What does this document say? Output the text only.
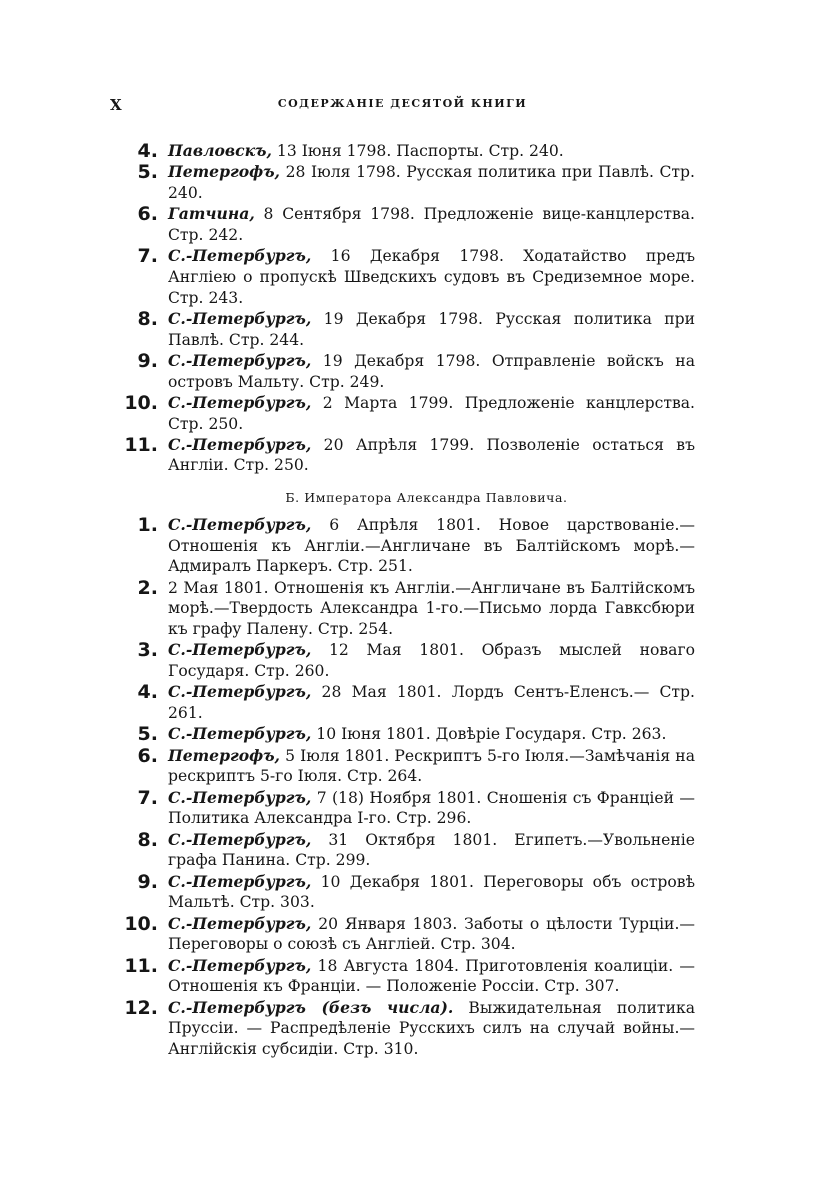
X	СОДЕРЖАНІЕ ДЕСЯТОЙ КНИГИ
4. Павловскъ, 13 Іюня 1798. Паспорты. Стр. 240.
5. Петергофъ, 28 Іюля 1798. Русская политика при Павлѣ. Стр. 240.
6. Гатчина, 8 Сентября 1798. Предложеніе вице-канцлерства. Стр. 242.
7. С.-Петербургъ, 16 Декабря 1798. Ходатайство предъ Англіею о пропускѣ Шведскихъ судовъ въ Средиземное море. Стр. 243.
8. С.-Петербургъ, 19 Декабря 1798. Русская политика при Павлѣ. Стр. 244.
9. С.-Петербургъ, 19 Декабря 1798. Отправленіе войскъ на островъ Мальту. Стр. 249.
10. С.-Петербургъ, 2 Марта 1799. Предложеніе канцлерства. Стр. 250.
11. С.-Петербургъ, 20 Апрѣля 1799. Позволеніе остаться въ Англіи. Стр. 250.
Б. Императора Александра Павловича.
1. С.-Петербургъ, 6 Апрѣля 1801. Новое царствованіе.— Отношенія къ Англіи.—Англичане въ Балтійскомъ морѣ.—Адмиралъ Паркеръ. Стр. 251.
2. 2 Мая 1801. Отношенія къ Англіи.—Англичане въ Балтійскомъ морѣ.—Твердость Александра 1-го.—Письмо лорда Гавксбюри къ графу Палену. Стр. 254.
3. С.-Петербургъ, 12 Мая 1801. Образъ мыслей новаго Государя. Стр. 260.
4. С.-Петербургъ, 28 Мая 1801. Лордъ Сентъ-Еленсъ.— Стр. 261.
5. С.-Петербургъ, 10 Іюня 1801. Довѣріе Государя. Стр. 263.
6. Петергофъ, 5 Іюля 1801. Рескриптъ 5-го Іюля.—Замѣчанія на рескриптъ 5-го Іюля. Стр. 264.
7. С.-Петербургъ, 7 (18) Ноября 1801. Сношенія съ Франціей —Политика Александра I-го. Стр. 296.
8. С.-Петербургъ, 31 Октября 1801. Египетъ.—Увольненіе графа Панина. Стр. 299.
9. С.-Петербургъ, 10 Декабря 1801. Переговоры объ островѣ Мальтѣ. Стр. 303.
10. С.-Петербургъ, 20 Января 1803. Заботы о цѣлости Турціи.—Переговоры о союзѣ съ Англіей. Стр. 304.
11. С.-Петербургъ, 18 Августа 1804. Приготовленія коалиціи. — Отношенія къ Франціи. — Положеніе Россіи. Стр. 307.
12. С.-Петербургъ (безъ числа). Выжидательная политика Пруссіи. — Распредѣленіе Русскихъ силъ на случай войны.—Англійскія субсидіи. Стр. 310.
